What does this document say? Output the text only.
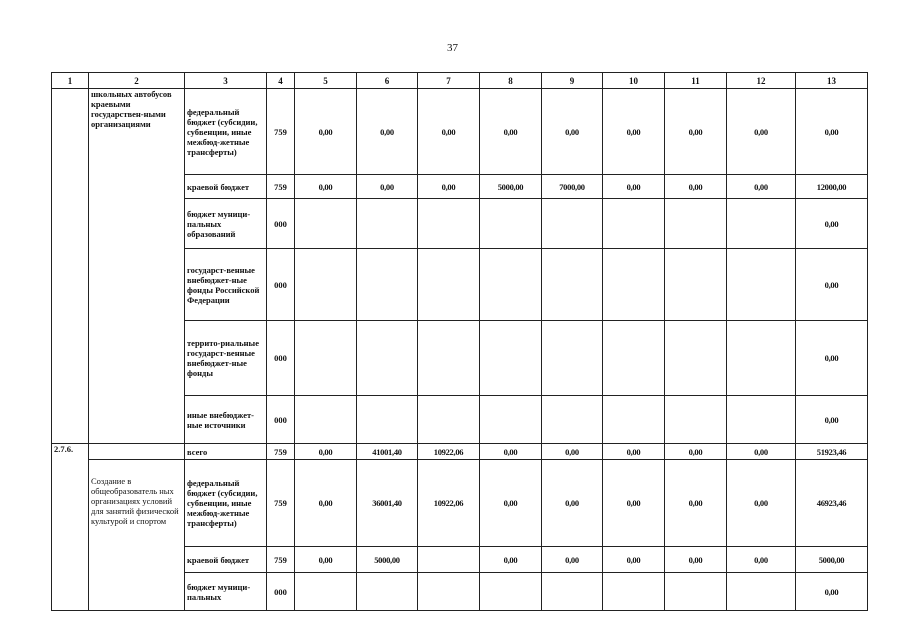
37
1	2	3	4	5	6	7	8	9	10	11	12	13
	школьных автобусов краевыми государствен-ными организациями	федеральный бюджет (субсидии, субвенции, иные межбюд-жетные трансферты)	759	0,00	0,00	0,00	0,00	0,00	0,00	0,00	0,00	0,00
		краевой бюджет	759	0,00	0,00	0,00	5000,00	7000,00	0,00	0,00	0,00	12000,00
		бюджет муници-пальных образований	000									0,00
		государст-венные внебюджет-ные фонды Российской Федерации	000									0,00
		террито-риальные государст-венные внебюджет-ные фонды	000									0,00
		иные внебюджет-ные источники	000									0,00
2.7.6.		всего	759	0,00	41001,40	10922,06	0,00	0,00	0,00	0,00	0,00	51923,46
	Создание в общеобразователь ных организациях условий для занятий физической культурой и спортом	федеральный бюджет (субсидии, субвенции, иные межбюд-жетные трансферты)	759	0,00	36001,40	10922,06	0,00	0,00	0,00	0,00	0,00	46923,46
		краевой бюджет	759	0,00	5000,00		0,00	0,00	0,00	0,00	0,00	5000,00
		бюджет муници-пальных	000									0,00
